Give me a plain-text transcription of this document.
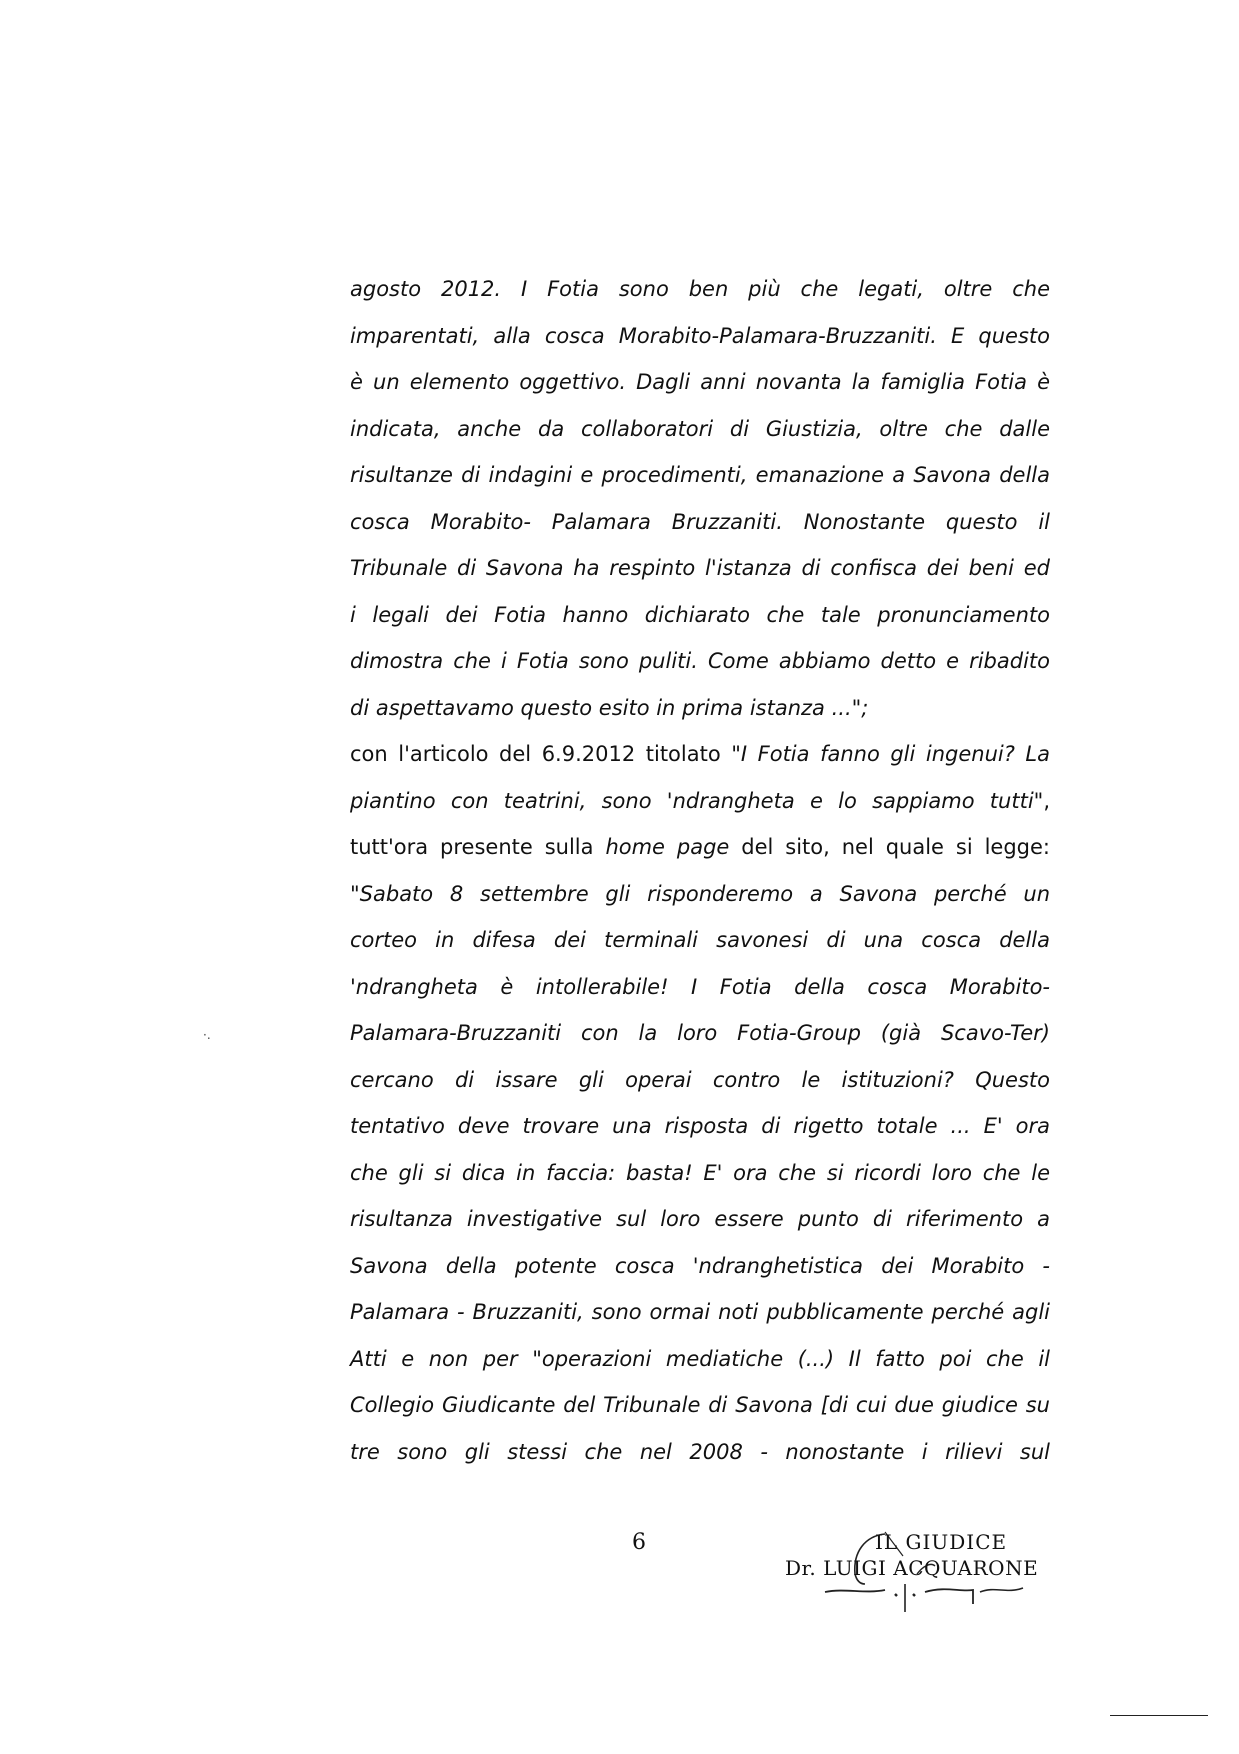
agosto 2012. I Fotia sono ben più che legati, oltre che
imparentati, alla cosca Morabito-Palamara-Bruzzaniti. E questo
è un elemento oggettivo. Dagli anni novanta la famiglia Fotia è
indicata, anche da collaboratori di Giustizia, oltre che dalle
risultanze di indagini e procedimenti, emanazione a Savona della
cosca Morabito- Palamara Bruzzaniti. Nonostante questo il
Tribunale di Savona ha respinto l'istanza di confisca dei beni ed
i legali dei Fotia hanno dichiarato che tale pronunciamento
dimostra che i Fotia sono puliti. Come abbiamo detto e ribadito
di aspettavamo questo esito in prima istanza ...";
con l'articolo del 6.9.2012 titolato "I Fotia fanno gli ingenui? La
piantino con teatrini, sono 'ndrangheta e lo sappiamo tutti",
tutt'ora presente sulla home page del sito, nel quale si legge:
"Sabato 8 settembre gli risponderemo a Savona perché un
corteo in difesa dei terminali savonesi di una cosca della
'ndrangheta è intollerabile! I Fotia della cosca Morabito-
Palamara-Bruzzaniti con la loro Fotia-Group (già Scavo-Ter)
cercano di issare gli operai contro le istituzioni? Questo
tentativo deve trovare una risposta di rigetto totale ... E' ora
che gli si dica in faccia: basta! E' ora che si ricordi loro che le
risultanza investigative sul loro essere punto di riferimento a
Savona della potente cosca 'ndranghetistica dei Morabito -
Palamara - Bruzzaniti, sono ormai noti pubblicamente perché agli
Atti e non per "operazioni mediatiche (...) Il fatto poi che il
Collegio Giudicante del Tribunale di Savona [di cui due giudice su
tre sono gli stessi che nel 2008 - nonostante i rilievi sul
·.
6	IL GIUDICE
Dr. LUIGI ACQUARONE
